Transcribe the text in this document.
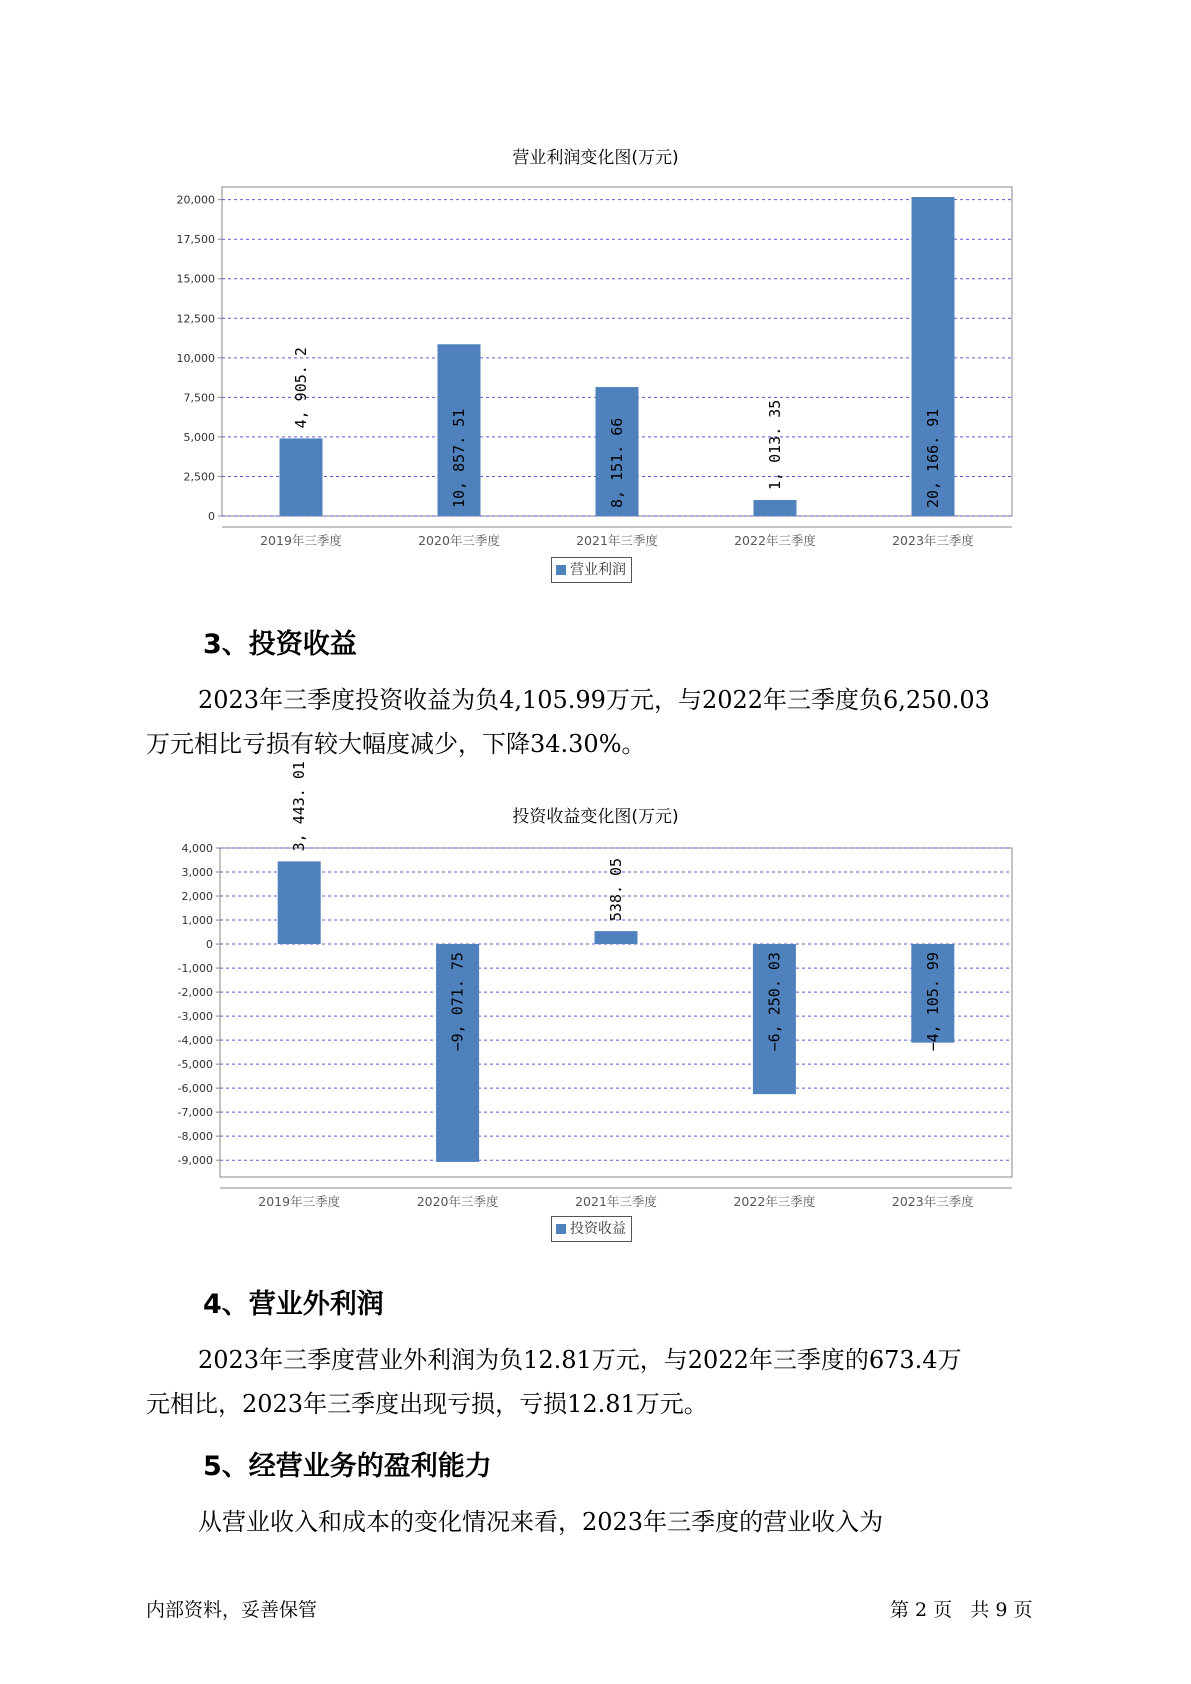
营业利润变化图(万元)
20,000
17,500
15,000
12,500
10,000
7,500
5,000
2,500
0
2019年三季度
4, 905. 2
2020年三季度
10, 857. 51
2021年三季度
8, 151. 66
2022年三季度
1, 013. 35
2023年三季度
20, 166. 91
营业利润
3、投资收益

2023年三季度投资收益为负4,105.99万元，与2022年三季度负6,250.03
万元相比亏损有较大幅度减少，下降34.30%。

投资收益变化图(万元)
4,000
3,000
2,000
1,000
0
-1,000
-2,000
-3,000
-4,000
-5,000
-6,000
-7,000
-8,000
-9,000
2019年三季度
3, 443. 01
2020年三季度
−9, 071. 75
2021年三季度
538. 05
2022年三季度
−6, 250. 03
2023年三季度
−4, 105. 99
投资收益
4、营业外利润

2023年三季度营业外利润为负12.81万元，与2022年三季度的673.4万
元相比，2023年三季度出现亏损，亏损12.81万元。

5、经营业务的盈利能力

从营业收入和成本的变化情况来看，2023年三季度的营业收入为

内部资料，妥善保管	第 2 页   共 9 页
